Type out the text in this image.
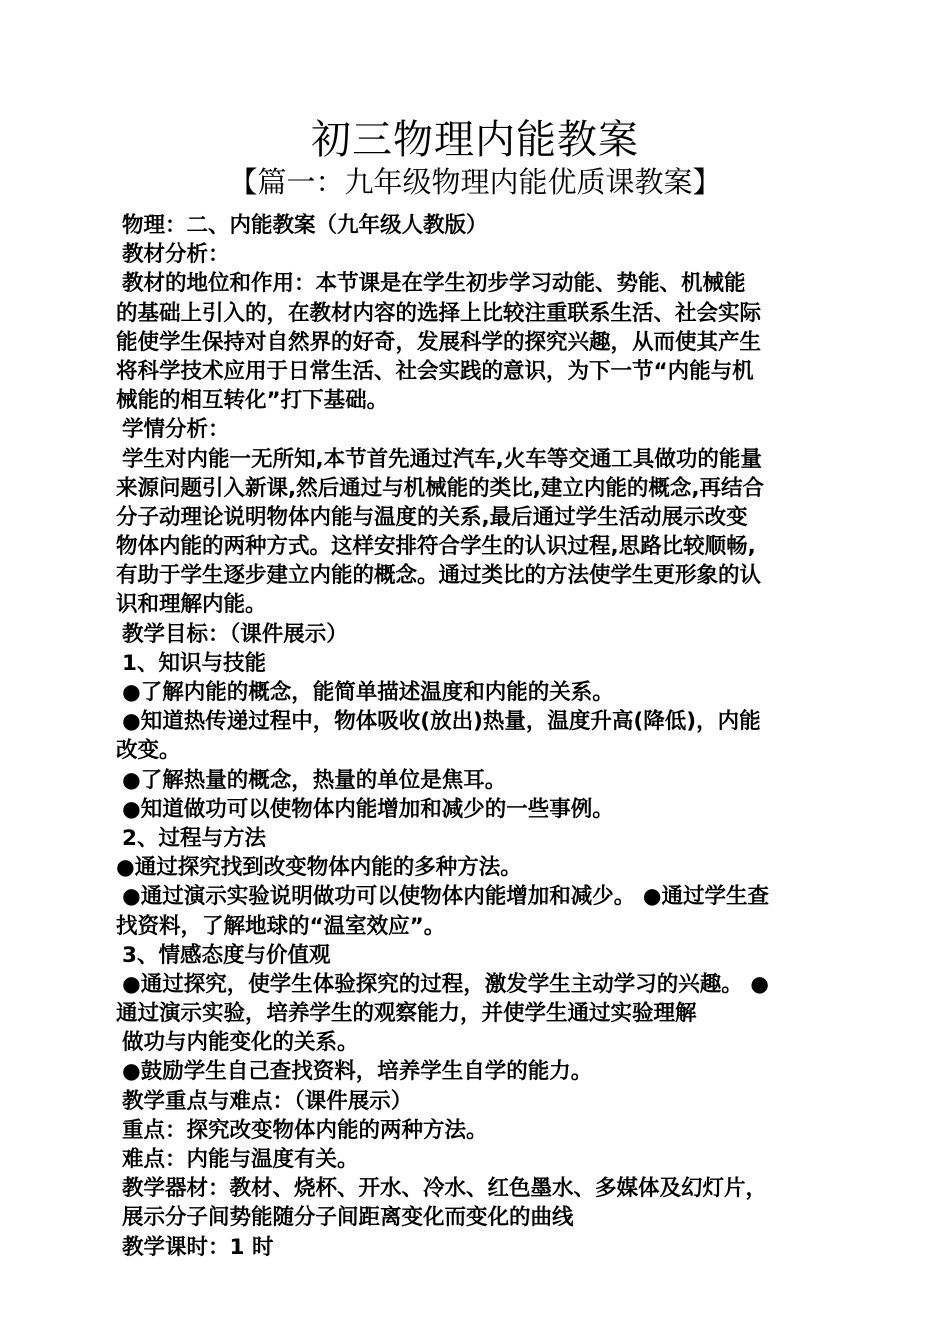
初三物理内能教案
【篇一：九年级物理内能优质课教案】
物理：二、内能教案（九年级人教版）
教材分析：
教材的地位和作用：本节课是在学生初步学习动能、势能、机械能
的基础上引入的，在教材内容的选择上比较注重联系生活、社会实际
能使学生保持对自然界的好奇，发展科学的探究兴趣，从而使其产生
将科学技术应用于日常生活、社会实践的意识，为下一节“内能与机
械能的相互转化”打下基础。
学情分析：
学生对内能一无所知,本节首先通过汽车,火车等交通工具做功的能量
来源问题引入新课,然后通过与机械能的类比,建立内能的概念,再结合
分子动理论说明物体内能与温度的关系,最后通过学生活动展示改变
物体内能的两种方式。这样安排符合学生的认识过程,思路比较顺畅,
有助于学生逐步建立内能的概念。通过类比的方法使学生更形象的认
识和理解内能。
教学目标：（课件展示）
1、知识与技能
●了解内能的概念，能简单描述温度和内能的关系。
●知道热传递过程中，物体吸收(放出)热量，温度升高(降低)，内能
改变。
●了解热量的概念，热量的单位是焦耳。
●知道做功可以使物体内能增加和减少的一些事例。
2、过程与方法
●通过探究找到改变物体内能的多种方法。
●通过演示实验说明做功可以使物体内能增加和减少。 ●通过学生查
找资料，了解地球的“温室效应”。
3、情感态度与价值观
●通过探究，使学生体验探究的过程，激发学生主动学习的兴趣。 ●
通过演示实验，培养学生的观察能力，并使学生通过实验理解
做功与内能变化的关系。
●鼓励学生自己查找资料，培养学生自学的能力。
教学重点与难点：（课件展示）
重点：探究改变物体内能的两种方法。
难点：内能与温度有关。
教学器材：教材、烧杯、开水、冷水、红色墨水、多媒体及幻灯片，
展示分子间势能随分子间距离变化而变化的曲线
教学课时：1 时
